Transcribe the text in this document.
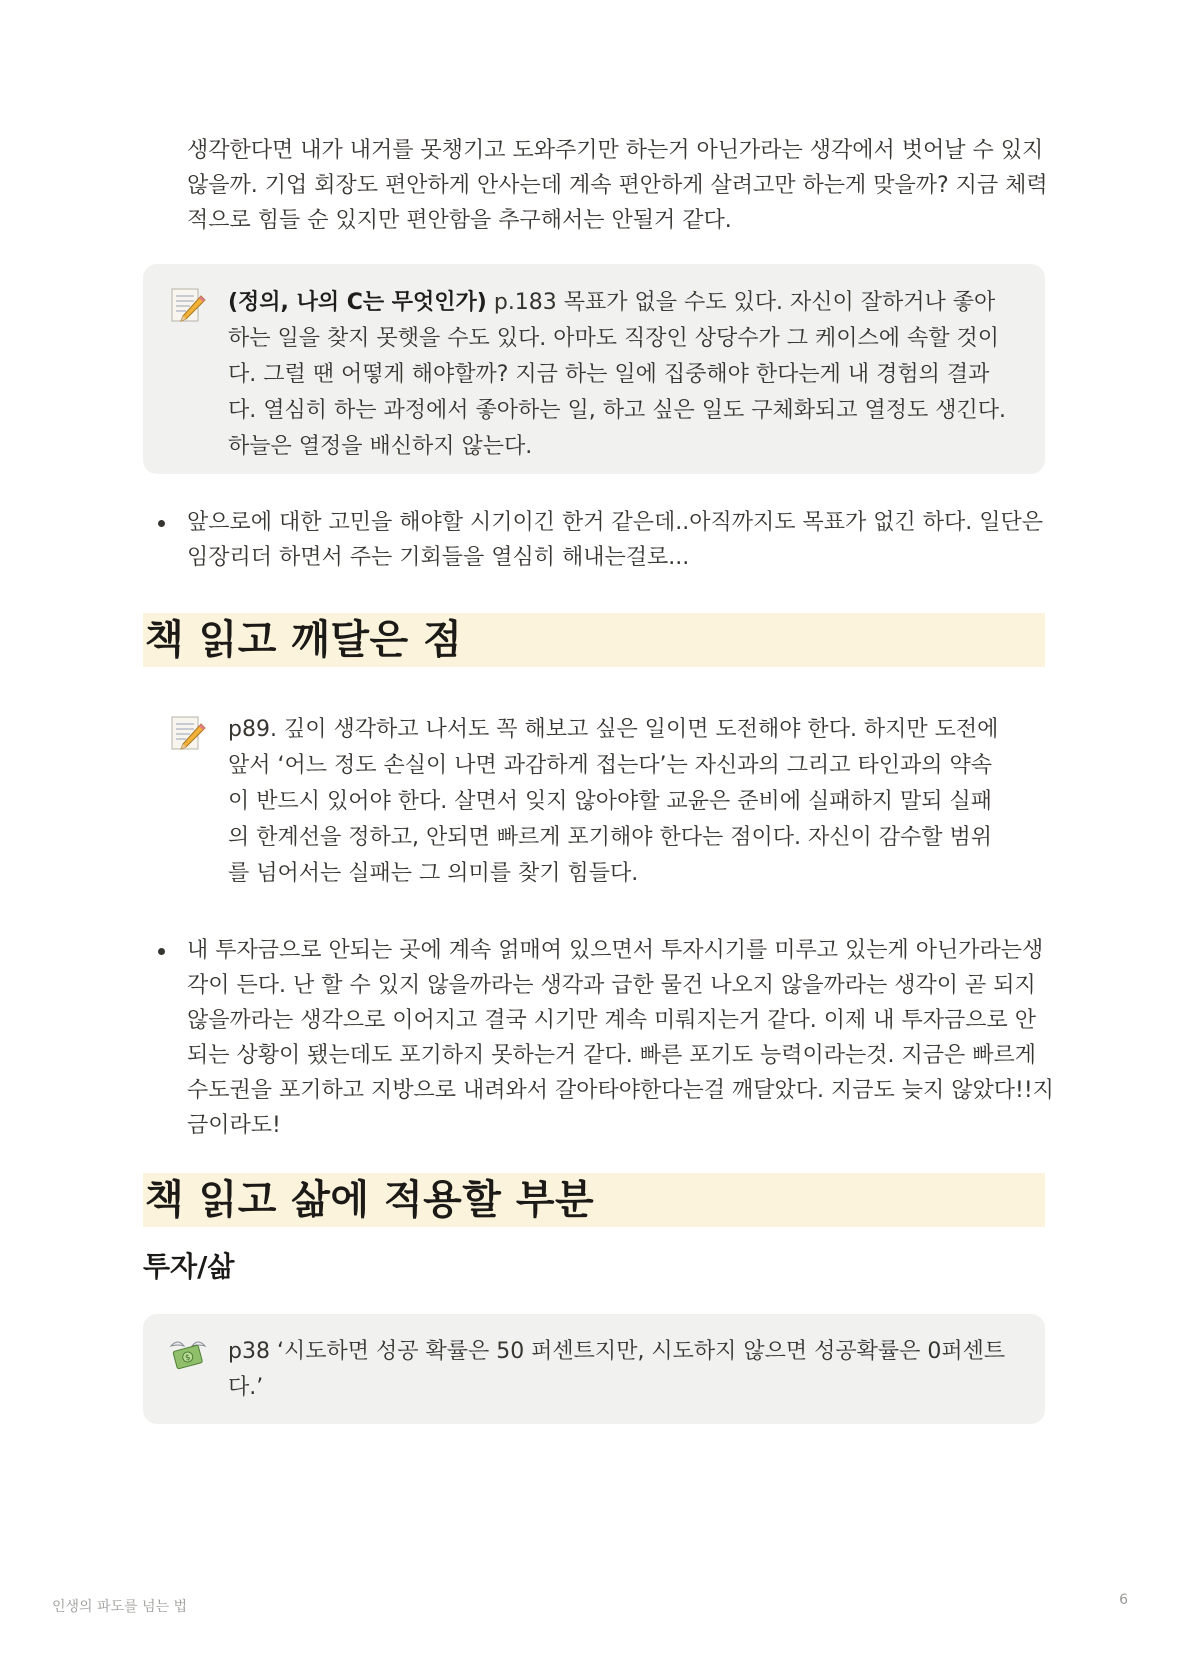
생각한다면 내가 내거를 못챙기고 도와주기만 하는거 아닌가라는 생각에서 벗어날 수 있지 않을까. 기업 회장도 편안하게 안사는데 계속 편안하게 살려고만 하는게 맞을까? 지금 체력적으로 힘들 순 있지만 편안함을 추구해서는 안될거 같다.

(정의, 나의 C는 무엇인가) p.183 목표가 없을 수도 있다. 자신이 잘하거나 좋아하는 일을 찾지 못햇을 수도 있다. 아마도 직장인 상당수가 그 케이스에 속할 것이다. 그럴 땐 어떻게 해야할까? 지금 하는 일에 집중해야 한다는게 내 경험의 결과다. 열심히 하는 과정에서 좋아하는 일, 하고 싶은 일도 구체화되고 열정도 생긴다. 하늘은 열정을 배신하지 않는다.

앞으로에 대한 고민을 해야할 시기이긴 한거 같은데..아직까지도 목표가 없긴 하다. 일단은 임장리더 하면서 주는 기회들을 열심히 해내는걸로...

책 읽고 깨달은 점

p89. 깊이 생각하고 나서도 꼭 해보고 싶은 일이면 도전해야 한다. 하지만 도전에 앞서 ‘어느 정도 손실이 나면 과감하게 접는다’는 자신과의 그리고 타인과의 약속이 반드시 있어야 한다. 살면서 잊지 않아야할 교윤은 준비에 실패하지 말되 실패의 한계선을 정하고, 안되면 빠르게 포기해야 한다는 점이다. 자신이 감수할 범위를 넘어서는 실패는 그 의미를 찾기 힘들다.

내 투자금으로 안되는 곳에 계속 얽매여 있으면서 투자시기를 미루고 있는게 아닌가라는생각이 든다. 난 할 수 있지 않을까라는 생각과 급한 물건 나오지 않을까라는 생각이 곧 되지 않을까라는 생각으로 이어지고 결국 시기만 계속 미뤄지는거 같다. 이제 내 투자금으로 안되는 상황이 됐는데도 포기하지 못하는거 같다. 빠른 포기도 능력이라는것. 지금은 빠르게 수도권을 포기하고 지방으로 내려와서 갈아타야한다는걸 깨달았다. 지금도 늦지 않았다!!지금이라도!

책 읽고 삶에 적용할 부분
투자/삶
$ p38 ‘시도하면 성공 확률은 50 퍼센트지만, 시도하지 않으면 성공확률은 0퍼센트다.’

인생의 파도를 넘는 법	6
